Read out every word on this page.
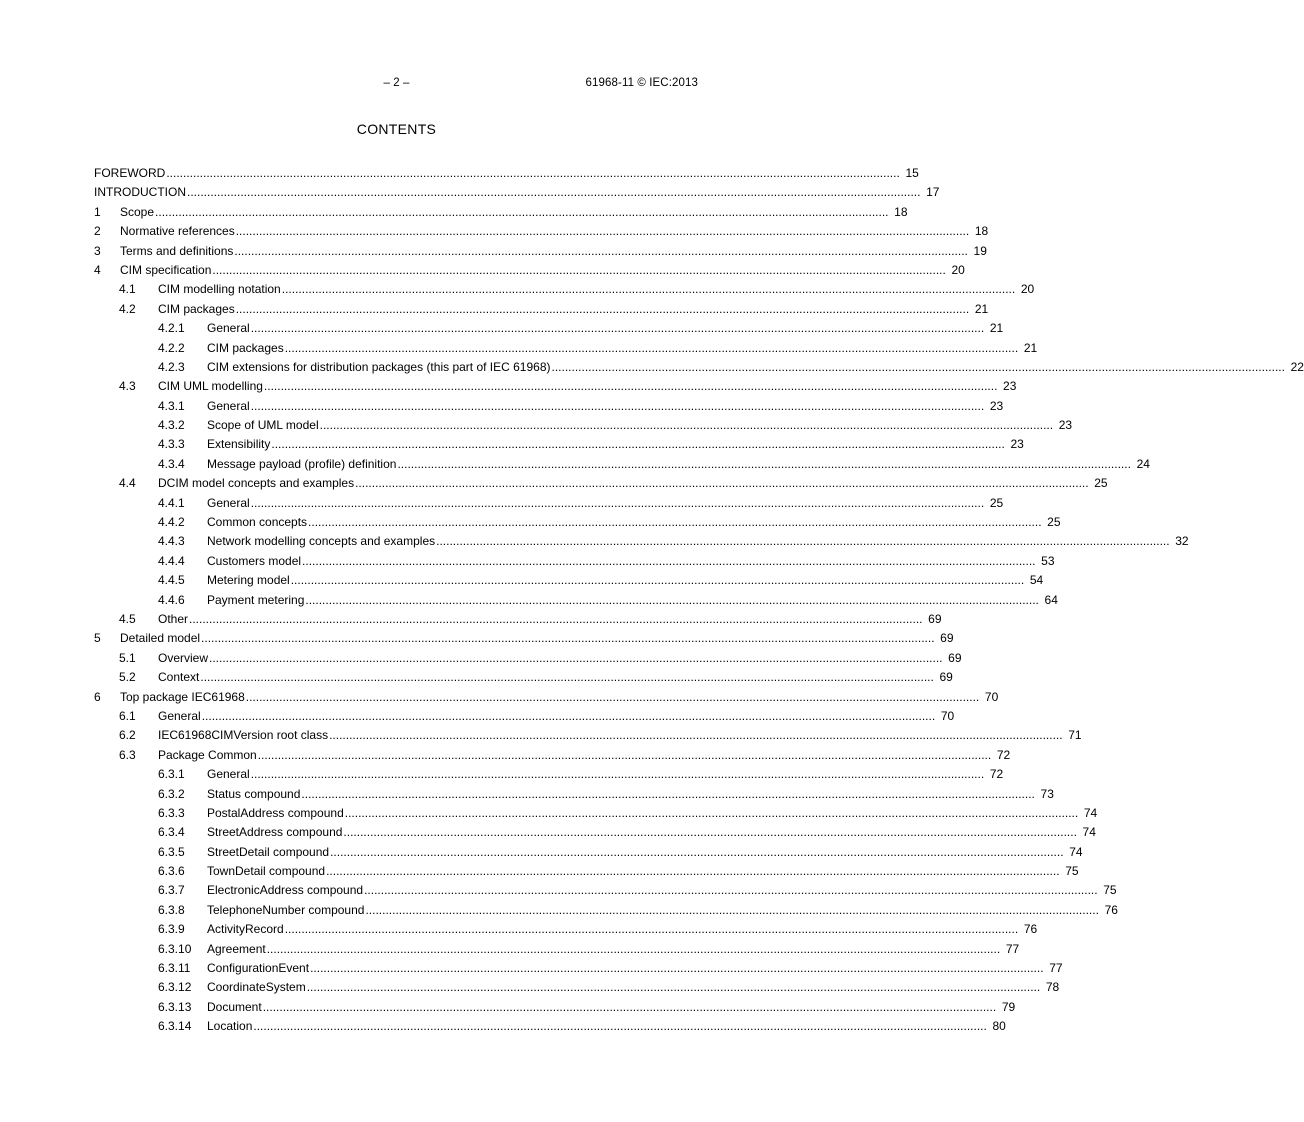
– 2 –	61968-11 © IEC:2013
CONTENTS
FOREWORD ............................................................................................................................................................................................................................ 15
INTRODUCTION ............................................................................................................................................................................................................................ 17
1 Scope ............................................................................................................................................................................................................................ 18
2 Normative references ............................................................................................................................................................................................................................ 18
3 Terms and definitions ............................................................................................................................................................................................................................ 19
4 CIM specification ............................................................................................................................................................................................................................ 20
4.1 CIM modelling notation ............................................................................................................................................................................................................................ 20
4.2 CIM packages ............................................................................................................................................................................................................................ 21
4.2.1 General ............................................................................................................................................................................................................................ 21
4.2.2 CIM packages ............................................................................................................................................................................................................................ 21
4.2.3 CIM extensions for distribution packages (this part of IEC 61968) ............................................................................................................................................................................................................................ 22
4.3 CIM UML modelling ............................................................................................................................................................................................................................ 23
4.3.1 General ............................................................................................................................................................................................................................ 23
4.3.2 Scope of UML model ............................................................................................................................................................................................................................ 23
4.3.3 Extensibility ............................................................................................................................................................................................................................ 23
4.3.4 Message payload (profile) definition ............................................................................................................................................................................................................................ 24
4.4 DCIM model concepts and examples ............................................................................................................................................................................................................................ 25
4.4.1 General ............................................................................................................................................................................................................................ 25
4.4.2 Common concepts ............................................................................................................................................................................................................................ 25
4.4.3 Network modelling concepts and examples ............................................................................................................................................................................................................................ 32
4.4.4 Customers model ............................................................................................................................................................................................................................ 53
4.4.5 Metering model ............................................................................................................................................................................................................................ 54
4.4.6 Payment metering ............................................................................................................................................................................................................................ 64
4.5 Other ............................................................................................................................................................................................................................ 69
5 Detailed model ............................................................................................................................................................................................................................ 69
5.1 Overview ............................................................................................................................................................................................................................ 69
5.2 Context ............................................................................................................................................................................................................................ 69
6 Top package IEC61968 ............................................................................................................................................................................................................................ 70
6.1 General ............................................................................................................................................................................................................................ 70
6.2 IEC61968CIMVersion root class ............................................................................................................................................................................................................................ 71
6.3 Package Common ............................................................................................................................................................................................................................ 72
6.3.1 General ............................................................................................................................................................................................................................ 72
6.3.2 Status compound ............................................................................................................................................................................................................................ 73
6.3.3 PostalAddress compound ............................................................................................................................................................................................................................ 74
6.3.4 StreetAddress compound ............................................................................................................................................................................................................................ 74
6.3.5 StreetDetail compound ............................................................................................................................................................................................................................ 74
6.3.6 TownDetail compound ............................................................................................................................................................................................................................ 75
6.3.7 ElectronicAddress compound ............................................................................................................................................................................................................................ 75
6.3.8 TelephoneNumber compound ............................................................................................................................................................................................................................ 76
6.3.9 ActivityRecord ............................................................................................................................................................................................................................ 76
6.3.10 Agreement ............................................................................................................................................................................................................................ 77
6.3.11 ConfigurationEvent ............................................................................................................................................................................................................................ 77
6.3.12 CoordinateSystem ............................................................................................................................................................................................................................ 78
6.3.13 Document ............................................................................................................................................................................................................................ 79
6.3.14 Location ............................................................................................................................................................................................................................ 80
